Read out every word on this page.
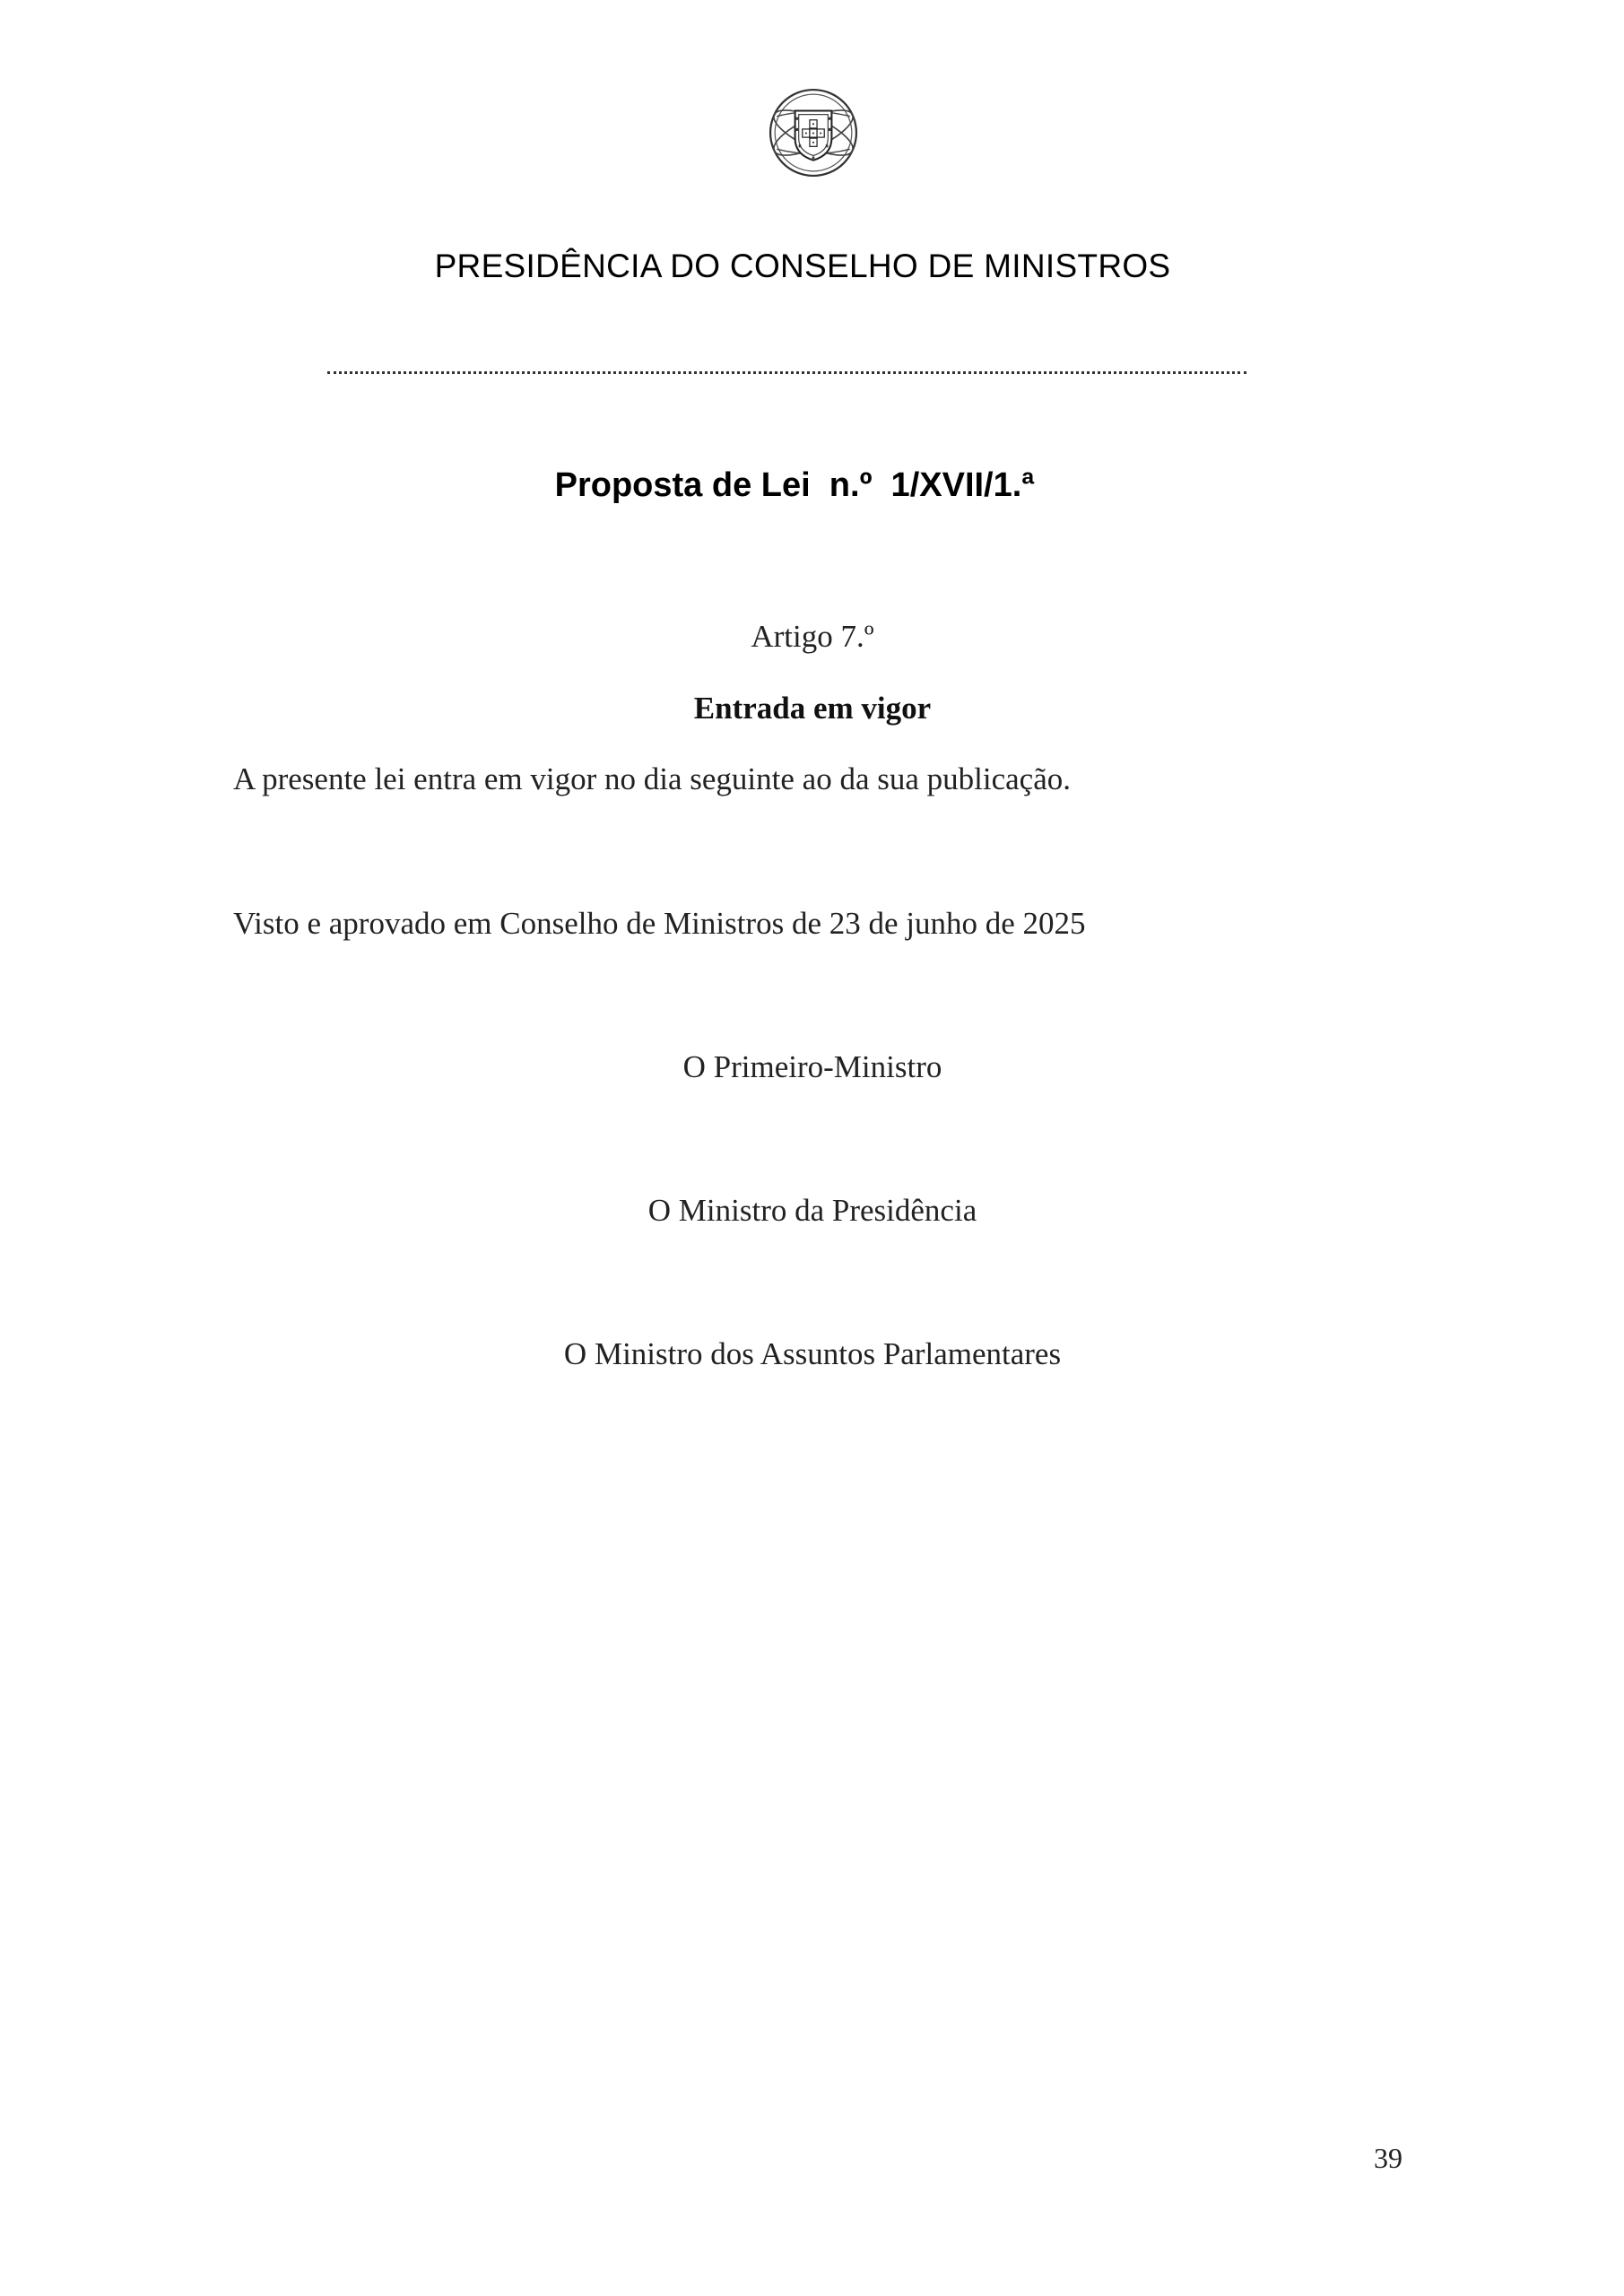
PRESIDÊNCIA DO CONSELHO DE MINISTROS
Proposta de Lei  n.º  1/XVII/1.ª
Artigo 7.º
Entrada em vigor
A presente lei entra em vigor no dia seguinte ao da sua publicação.
Visto e aprovado em Conselho de Ministros de 23 de junho de 2025
O Primeiro-Ministro
O Ministro da Presidência
O Ministro dos Assuntos Parlamentares
39
